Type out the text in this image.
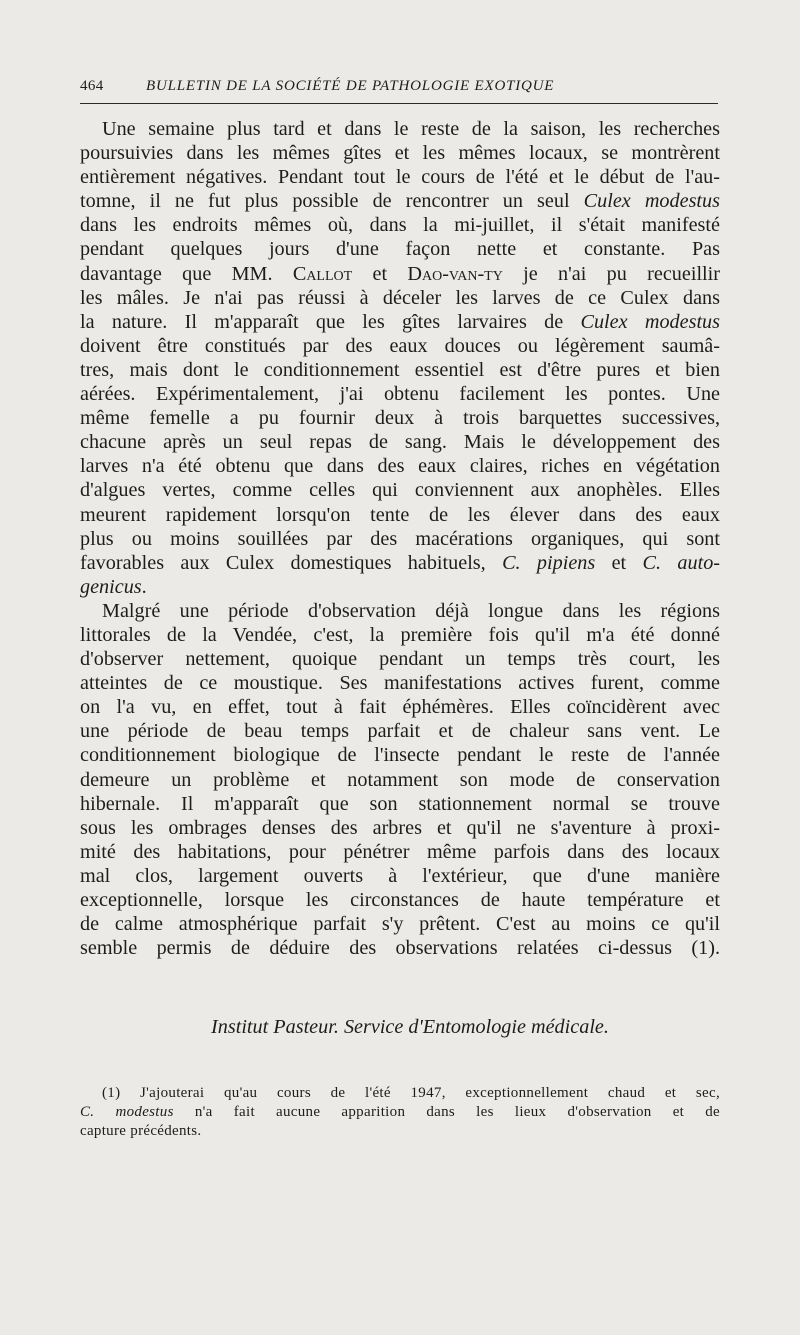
464	BULLETIN DE LA SOCIÉTÉ DE PATHOLOGIE EXOTIQUE
Une semaine plus tard et dans le reste de la saison, les recherches
poursuivies dans les mêmes gîtes et les mêmes locaux, se montrèrent
entièrement négatives. Pendant tout le cours de l'été et le début de l'au-
tomne, il ne fut plus possible de rencontrer un seul Culex modestus
dans les endroits mêmes où, dans la mi-juillet, il s'était manifesté
pendant quelques jours d'une façon nette et constante. Pas
davantage que MM. Callot et Dao-van-ty je n'ai pu recueillir
les mâles. Je n'ai pas réussi à déceler les larves de ce Culex dans
la nature. Il m'apparaît que les gîtes larvaires de Culex modestus
doivent être constitués par des eaux douces ou légèrement saumâ-
tres, mais dont le conditionnement essentiel est d'être pures et bien
aérées. Expérimentalement, j'ai obtenu facilement les pontes. Une
même femelle a pu fournir deux à trois barquettes successives,
chacune après un seul repas de sang. Mais le développement des
larves n'a été obtenu que dans des eaux claires, riches en végétation
d'algues vertes, comme celles qui conviennent aux anophèles. Elles
meurent rapidement lorsqu'on tente de les élever dans des eaux
plus ou moins souillées par des macérations organiques, qui sont
favorables aux Culex domestiques habituels, C. pipiens et C. auto-
genicus.
Malgré une période d'observation déjà longue dans les régions
littorales de la Vendée, c'est, la première fois qu'il m'a été donné
d'observer nettement, quoique pendant un temps très court, les
atteintes de ce moustique. Ses manifestations actives furent, comme
on l'a vu, en effet, tout à fait éphémères. Elles coïncidèrent avec
une période de beau temps parfait et de chaleur sans vent. Le
conditionnement biologique de l'insecte pendant le reste de l'année
demeure un problème et notamment son mode de conservation
hibernale. Il m'apparaît que son stationnement normal se trouve
sous les ombrages denses des arbres et qu'il ne s'aventure à proxi-
mité des habitations, pour pénétrer même parfois dans des locaux
mal clos, largement ouverts à l'extérieur, que d'une manière
exceptionnelle, lorsque les circonstances de haute température et
de calme atmosphérique parfait s'y prêtent. C'est au moins ce qu'il
semble permis de déduire des observations relatées ci-dessus (1).
Institut Pasteur. Service d'Entomologie médicale.
(1) J'ajouterai qu'au cours de l'été 1947, exceptionnellement chaud et sec,
C. modestus n'a fait aucune apparition dans les lieux d'observation et de
capture précédents.
